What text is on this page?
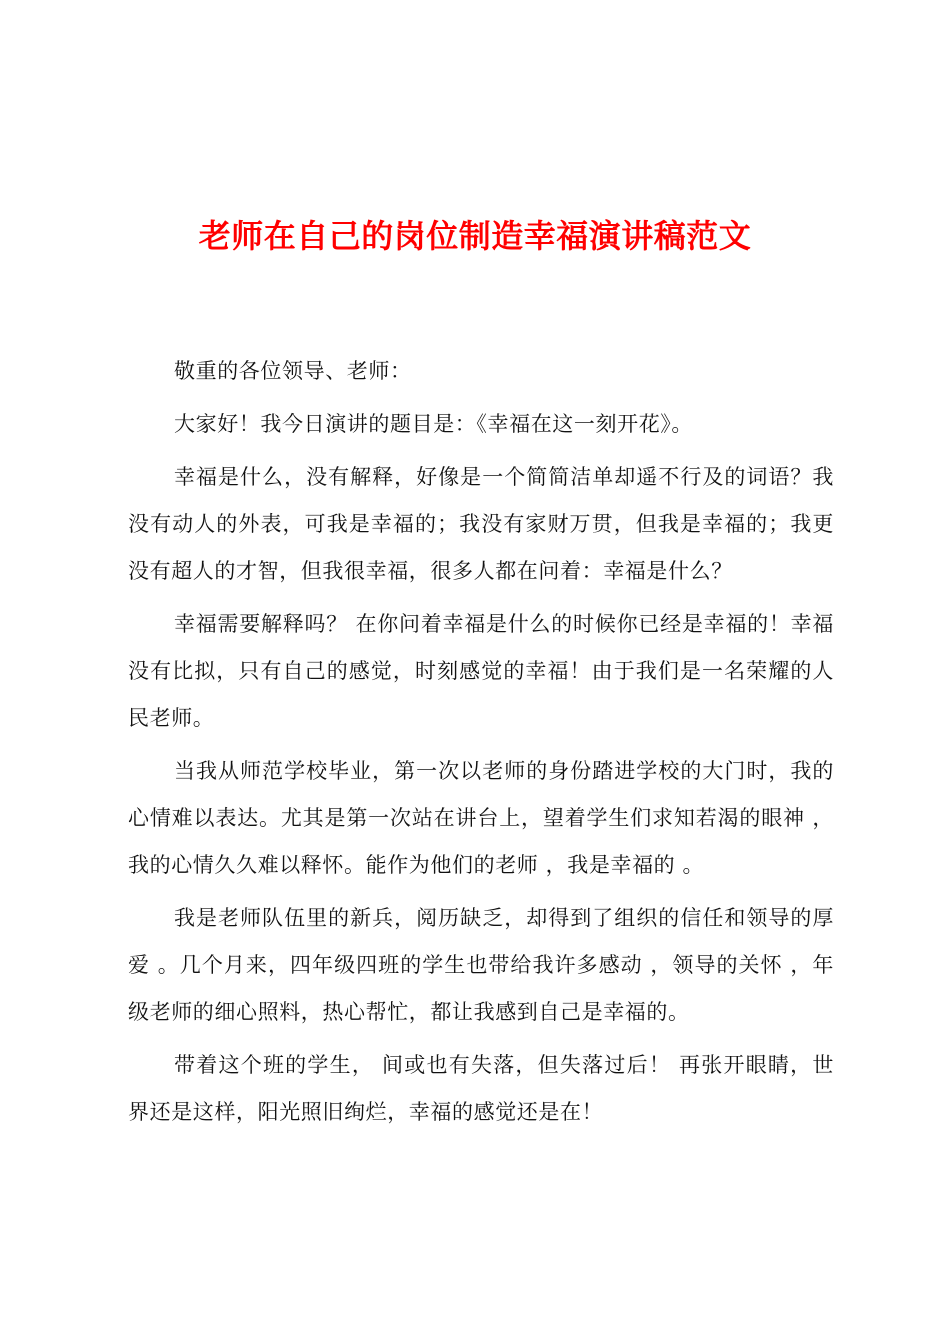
老师在自己的岗位制造幸福演讲稿范文

敬重的各位领导、老师：

大家好！我今日演讲的题目是：《幸福在这一刻开花》。

幸福是什么，没有解释，好像是一个简简洁单却遥不行及的词语？我没有动人的外表，可我是幸福的；我没有家财万贯，但我是幸福的；我更没有超人的才智，但我很幸福，很多人都在问着：幸福是什么？

幸福需要解释吗？ 在你问着幸福是什么的时候你已经是幸福的！幸福没有比拟，只有自己的感觉，时刻感觉的幸福！由于我们是一名荣耀的人民老师。

当我从师范学校毕业，第一次以老师的身份踏进学校的大门时，我的心情难以表达。尤其是第一次站在讲台上，望着学生们求知若渴的眼神 ，我的心情久久难以释怀。能作为他们的老师 ，我是幸福的 。

我是老师队伍里的新兵，阅历缺乏，却得到了组织的信任和领导的厚爱 。几个月来，四年级四班的学生也带给我许多感动 ，领导的关怀 ，年级老师的细心照料，热心帮忙，都让我感到自己是幸福的。

带着这个班的学生， 间或也有失落，但失落过后！ 再张开眼睛，世界还是这样，阳光照旧绚烂，幸福的感觉还是在！
